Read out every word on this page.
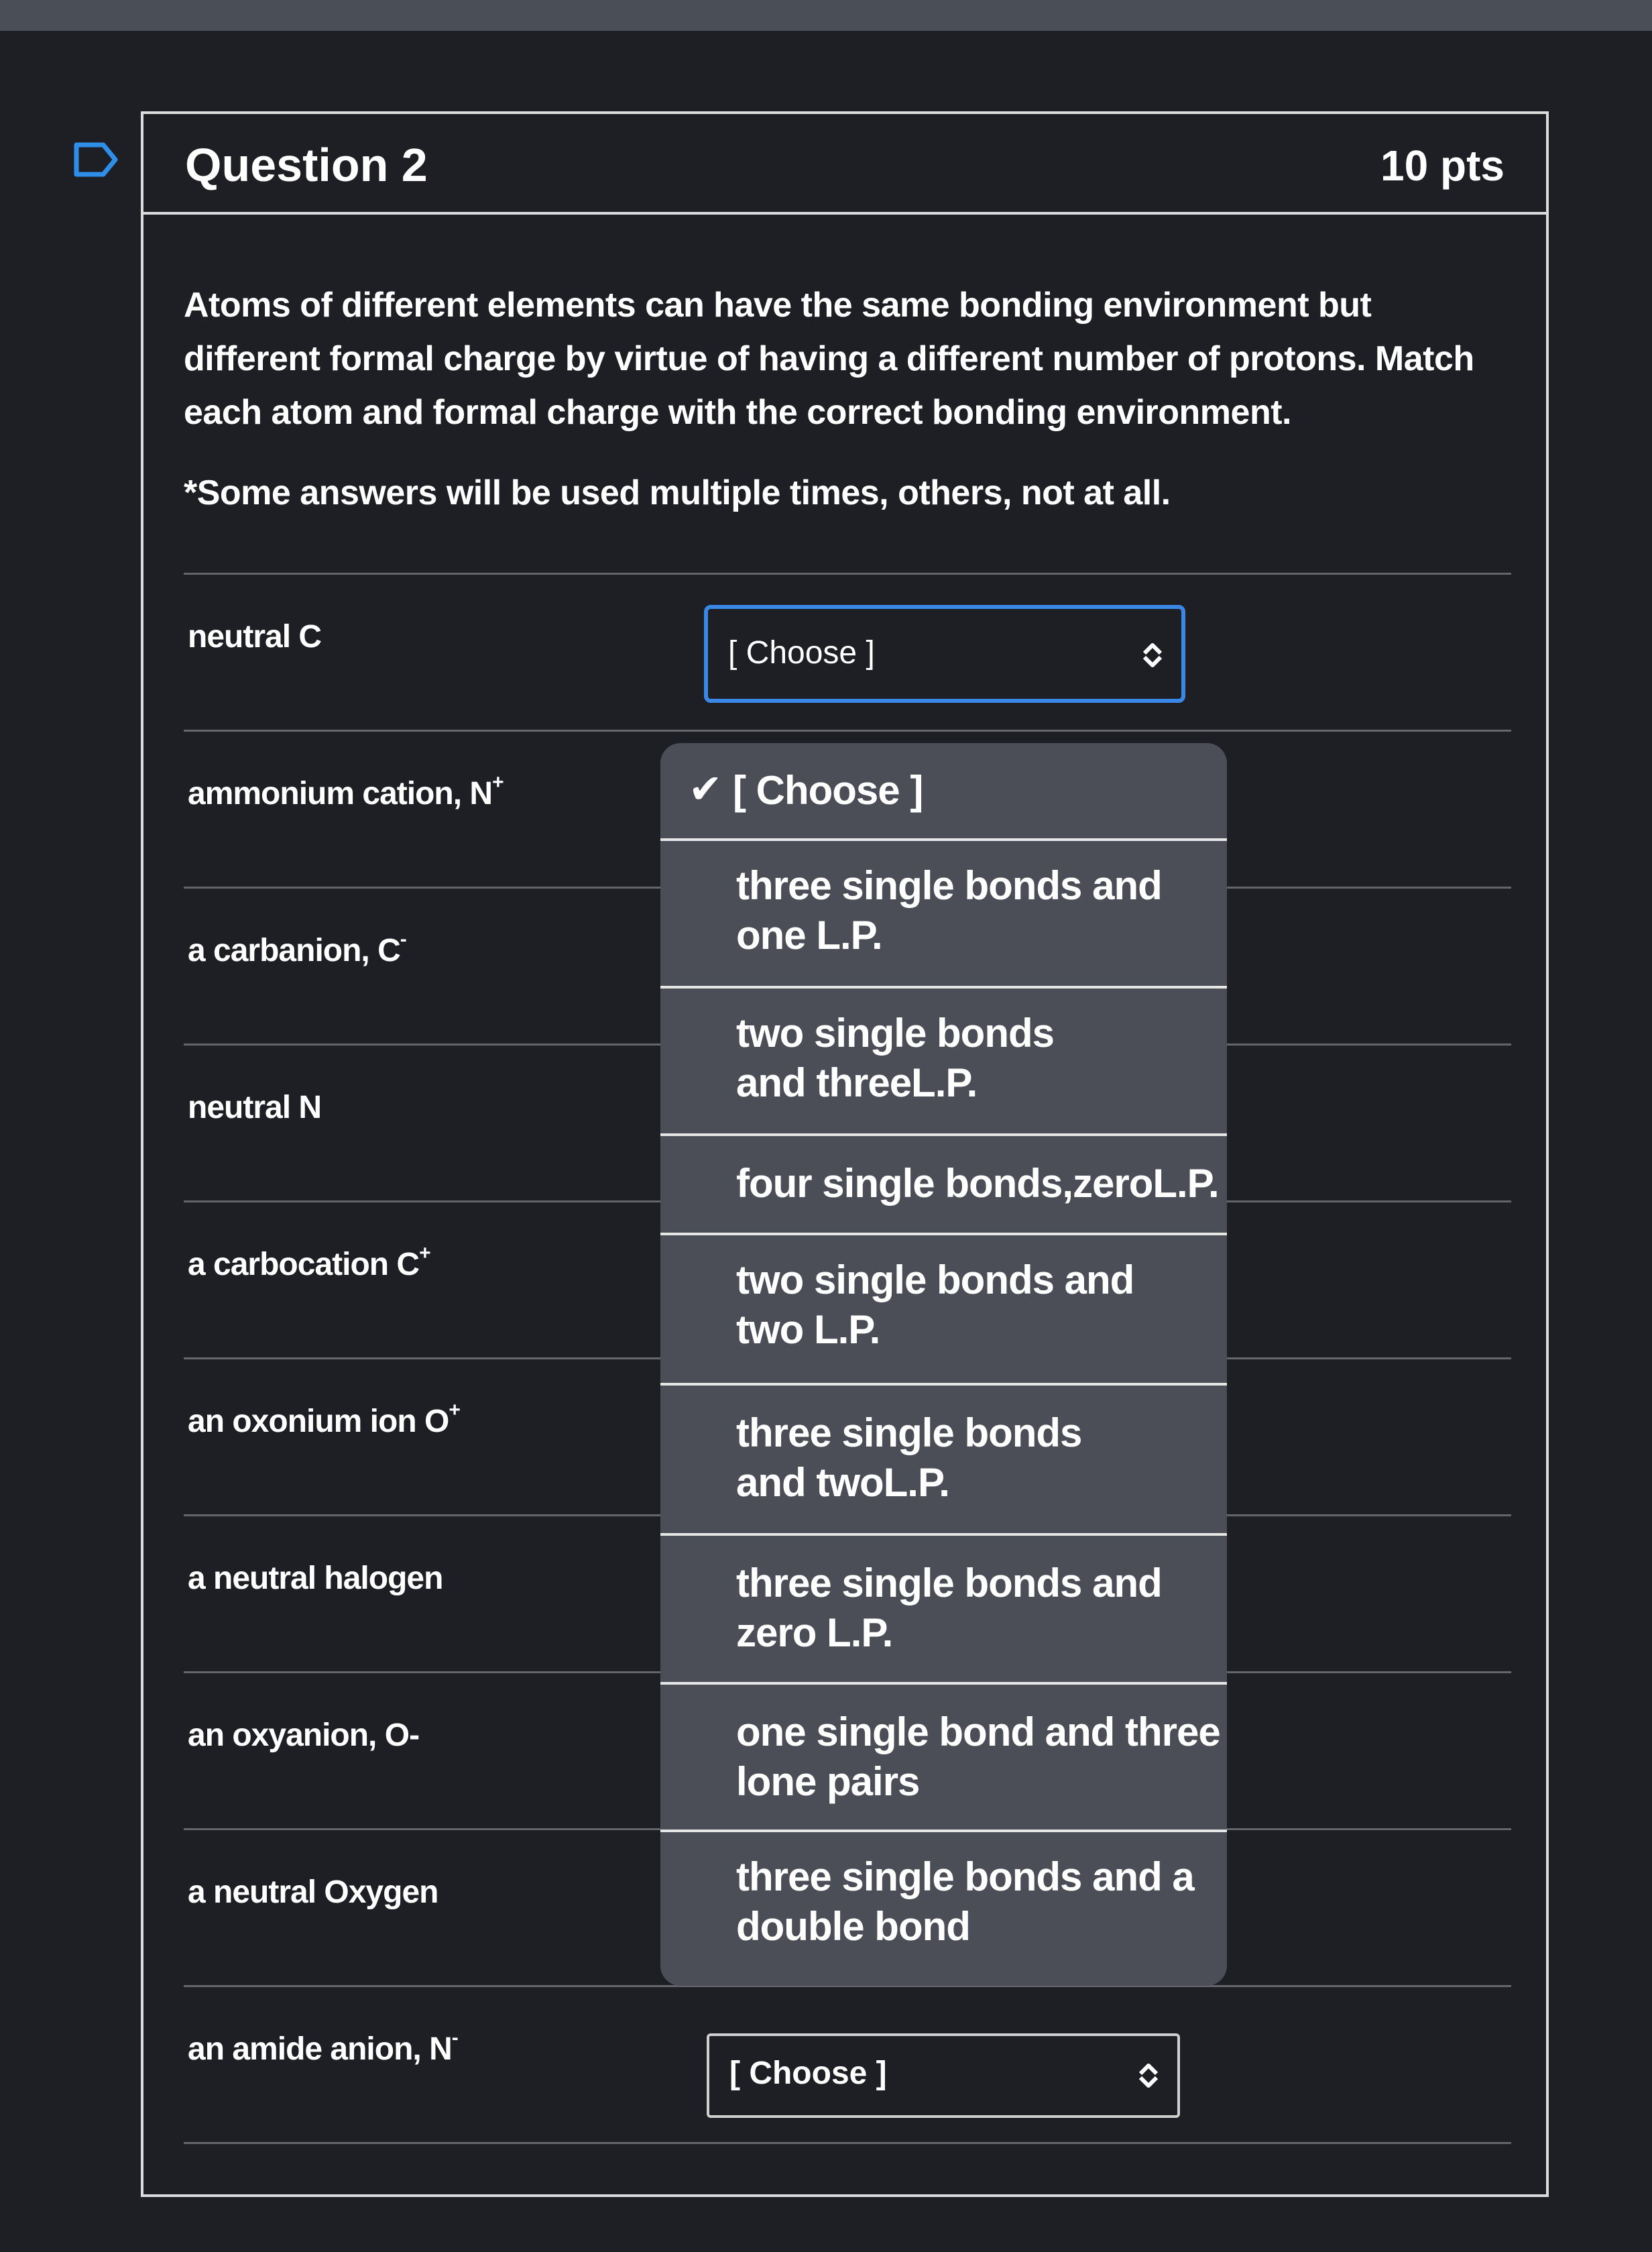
Question 2	10 pts
Atoms of different elements can have the same bonding environment but different formal charge by virtue of having a different number of protons. Match each atom and formal charge with the correct bonding environment.
*Some answers will be used multiple times, others, not at all.
neutral C
ammonium cation, N+
a carbanion, C-
neutral N
a carbocation C+
an oxonium ion O+
a neutral halogen
an oxyanion, O-
a neutral Oxygen
an amide anion, N-
[ Choose ]
[ Choose ]
✔ [ Choose ]
three single bonds and
one L.P.
two single bonds
and threeL.P.
four single bonds,zeroL.P.
two single bonds and
two L.P.
three single bonds
and twoL.P.
three single bonds and
zero L.P.
one single bond and three
lone pairs
three single bonds and a
double bond
